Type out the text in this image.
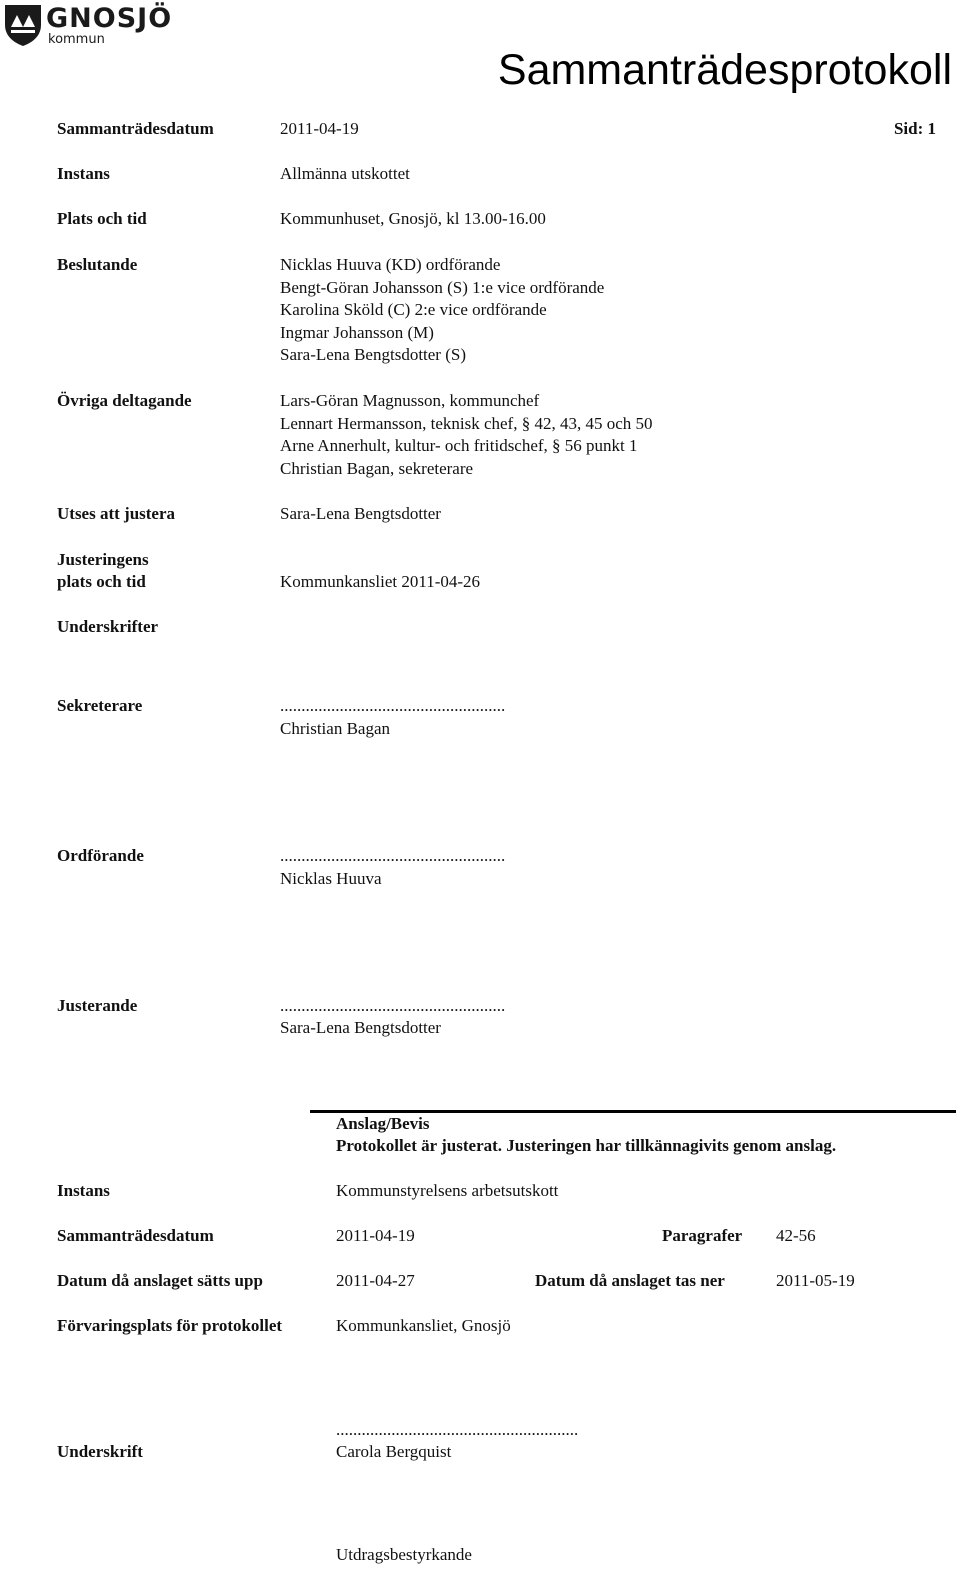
GNOSJÖ
kommun
Sammanträdesprotokoll
Sammanträdesdatum	2011-04-19	Sid: 1
Instans	Allmänna utskottet
Plats och tid	Kommunhuset, Gnosjö, kl 13.00-16.00
Beslutande	Nicklas Huuva (KD) ordförande
Bengt-Göran Johansson (S) 1:e vice ordförande
Karolina Sköld (C) 2:e vice ordförande
Ingmar Johansson (M)
Sara-Lena Bengtsdotter (S)
Övriga deltagande	Lars-Göran Magnusson, kommunchef
Lennart Hermansson, teknisk chef, § 42, 43, 45 och 50
Arne Annerhult, kultur- och fritidschef, § 56 punkt 1
Christian Bagan, sekreterare
Utses att justera	Sara-Lena Bengtsdotter
Justeringens
plats och tid	Kommunkansliet 2011-04-26
Underskrifter
Sekreterare	.....................................................
Christian Bagan
Ordförande	.....................................................
Nicklas Huuva
Justerande	.....................................................
Sara-Lena Bengtsdotter
Anslag/Bevis
Protokollet är justerat. Justeringen har tillkännagivits genom anslag.
Instans	Kommunstyrelsens arbetsutskott
Sammanträdesdatum	2011-04-19	Paragrafer 42-56
Datum då anslaget sätts upp	2011-04-27	Datum då anslaget tas ner	2011-05-19
Förvaringsplats för protokollet	Kommunkansliet, Gnosjö
.........................................................
Underskrift	Carola Bergquist
Utdragsbestyrkande
